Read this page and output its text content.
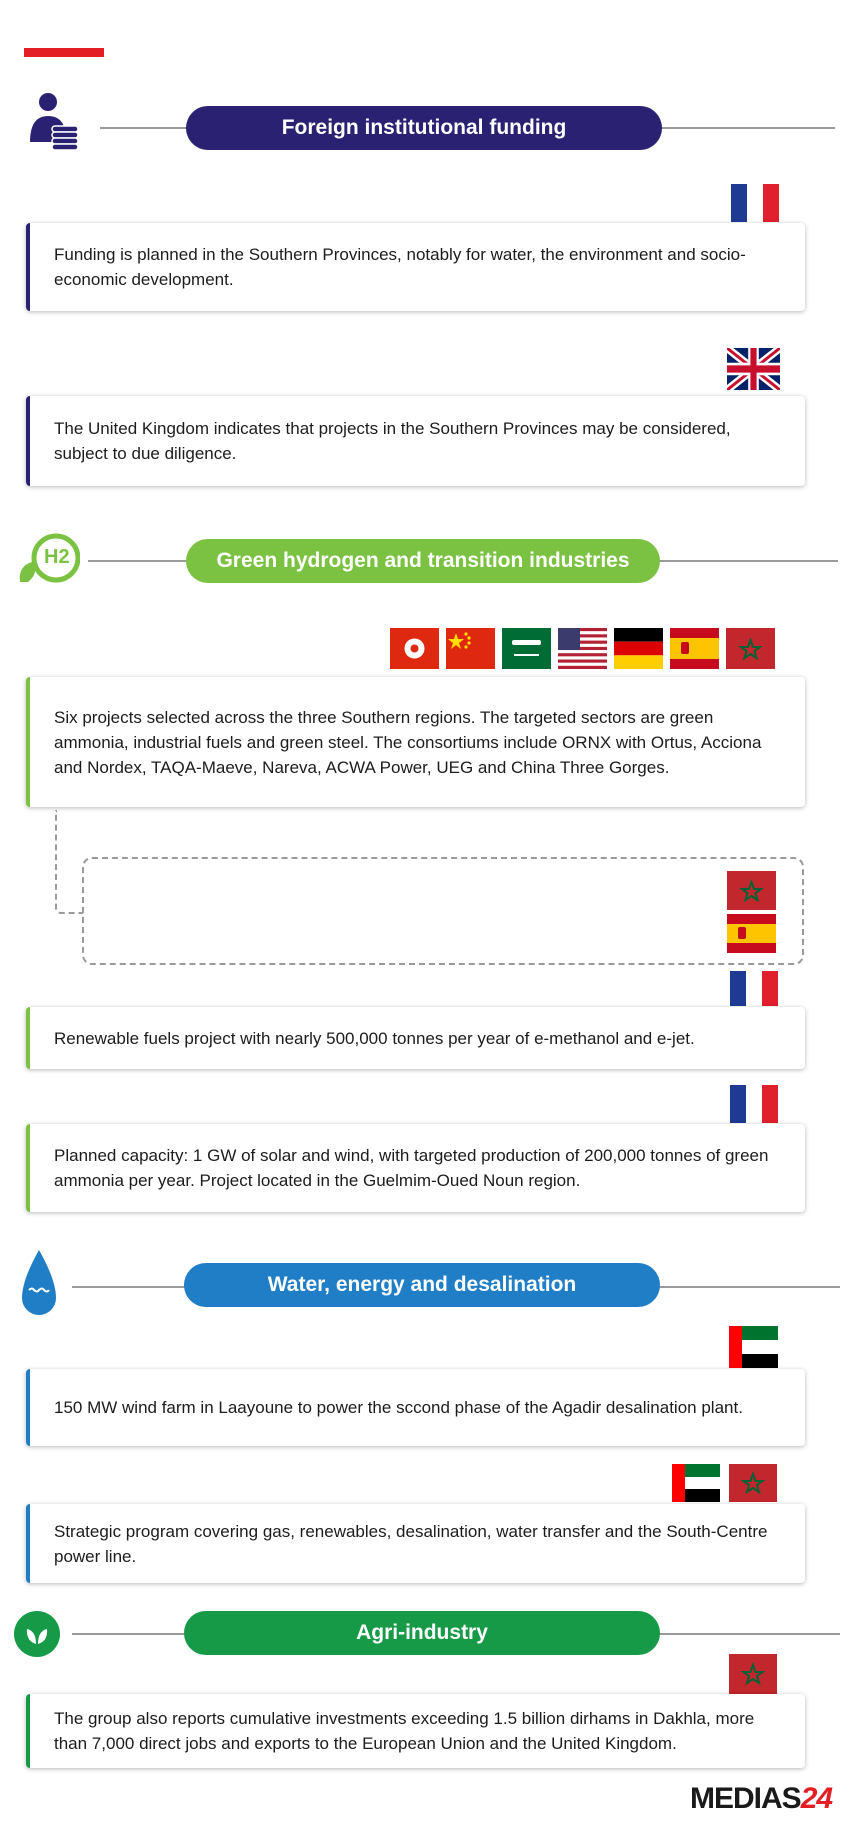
Foreign institutional funding
Funding is planned in the Southern Provinces, notably for water, the environment and socio-economic development.
The United Kingdom indicates that projects in the Southern Provinces may be considered, subject to due diligence.
H2	Green hydrogen and transition industries
Six projects selected across the three Southern regions. The targeted sectors are green ammonia, industrial fuels and green steel. The consortiums include ORNX with Ortus, Acciona and Nordex, TAQA-Maeve, Nareva, ACWA Power, UEG and China Three Gorges.
Renewable fuels project with nearly 500,000 tonnes per year of e-methanol and e-jet.
Planned capacity: 1 GW of solar and wind, with targeted production of 200,000 tonnes of green ammonia per year. Project located in the Guelmim-Oued Noun region.
Water, energy and desalination
150 MW wind farm in Laayoune to power the sccond phase of the Agadir desalination plant.
Strategic program covering gas, renewables, desalination, water transfer and the South-Centre power line.
Agri-industry
The group also reports cumulative investments exceeding 1.5 billion dirhams in Dakhla, more than 7,000 direct jobs and exports to the European Union and the United Kingdom.
MEDIAS24
